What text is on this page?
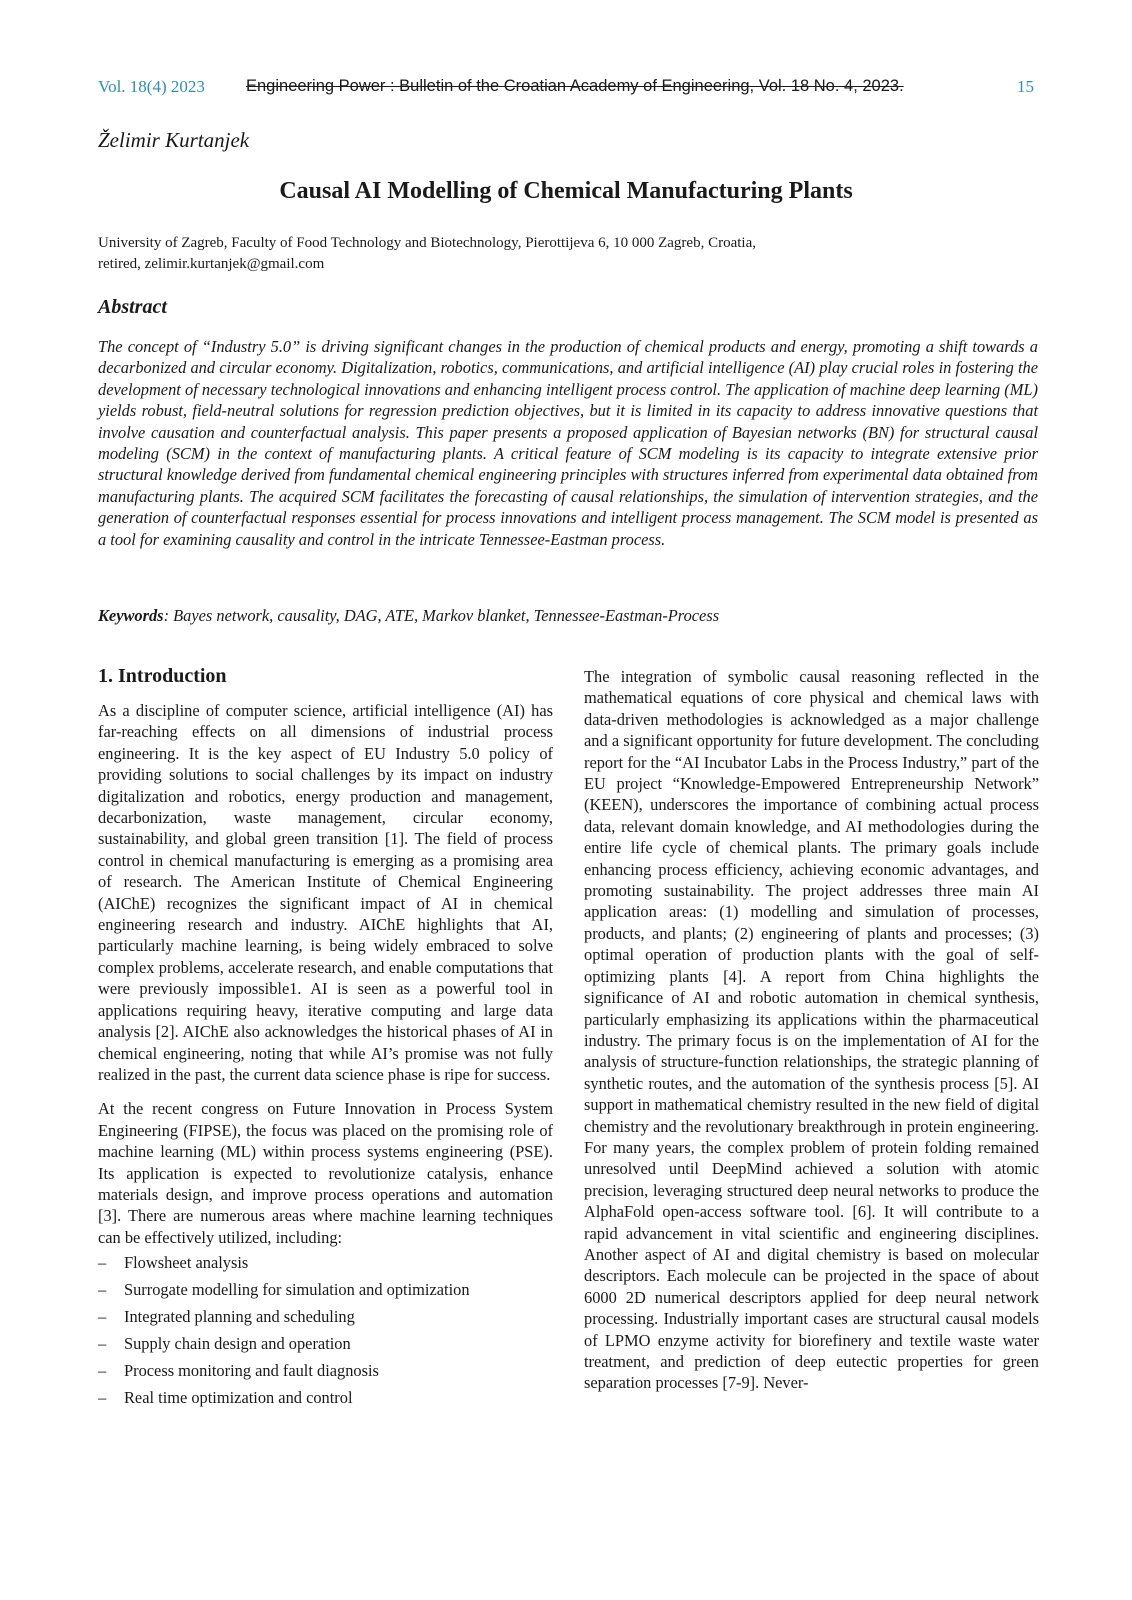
Vol. 18(4) 2023 Engineering Power : Bulletin of the Croatian Academy of Engineering, Vol. 18 No. 4, 2023.	15
Želimir Kurtanjek
Causal AI Modelling of Chemical Manufacturing Plants
University of Zagreb, Faculty of Food Technology and Biotechnology, Pierottijeva 6, 10 000 Zagreb, Croatia,
retired, zelimir.kurtanjek@gmail.com
Abstract

The concept of “Industry 5.0” is driving significant changes in the production of chemical products and energy, promoting a shift towards a decarbonized and circular economy. Digitalization, robotics, communications, and artificial intelligence (AI) play crucial roles in fostering the development of necessary technological innovations and enhancing intelligent process control. The application of machine deep learning (ML) yields robust, field-neutral solutions for regression prediction objectives, but it is limited in its capacity to address innovative questions that involve causation and counterfactual analysis. This paper presents a proposed application of Bayesian networks (BN) for structural causal modeling (SCM) in the context of manufacturing plants. A critical feature of SCM modeling is its capacity to integrate extensive prior structural knowledge derived from fundamental chemical engineering principles with structures inferred from experimental data obtained from manufacturing plants. The acquired SCM facilitates the forecasting of causal relationships, the simulation of intervention strategies, and the generation of counterfactual responses essential for process innovations and intelligent process management. The SCM model is presented as a tool for examining causality and control in the intricate Tennessee-Eastman process.

Keywords: Bayes network, causality, DAG, ATE, Markov blanket, Tennessee-Eastman-Process
1. Introduction

As a discipline of computer science, artificial intelligence (AI) has far-reaching effects on all dimensions of industrial process engineering. It is the key aspect of EU Industry 5.0 policy of providing solutions to social challenges by its impact on industry digitalization and robotics, energy production and management, decarbonization, waste management, circular economy, sustainability, and global green transition [1]. The field of process control in chemical manufacturing is emerging as a promising area of research. The American Institute of Chemical Engineering (AIChE) recognizes the significant impact of AI in chemical engineering research and industry. AIChE highlights that AI, particularly machine learning, is being widely embraced to solve complex problems, accelerate research, and enable computations that were previously impossible1. AI is seen as a powerful tool in applications requiring heavy, iterative computing and large data analysis [2]. AIChE also acknowledges the historical phases of AI in chemical engineering, noting that while AI’s promise was not fully realized in the past, the current data science phase is ripe for success.

At the recent congress on Future Innovation in Process System Engineering (FIPSE), the focus was placed on the promising role of machine learning (ML) within process systems engineering (PSE). Its application is expected to revolutionize catalysis, enhance materials design, and improve process operations and automation [3]. There are numerous areas where machine learning techniques can be effectively utilized, including:

– Flowsheet analysis
– Surrogate modelling for simulation and optimization
– Integrated planning and scheduling
– Supply chain design and operation
– Process monitoring and fault diagnosis
– Real time optimization and control

The integration of symbolic causal reasoning reflected in the mathematical equations of core physical and chemical laws with data-driven methodologies is acknowledged as a major challenge and a significant opportunity for future development. The concluding report for the “AI Incubator Labs in the Process Industry,” part of the EU project “Knowledge-Empowered Entrepreneurship Network” (KEEN), underscores the importance of combining actual process data, relevant domain knowledge, and AI methodologies during the entire life cycle of chemical plants. The primary goals include enhancing process efficiency, achieving economic advantages, and promoting sustainability. The project addresses three main AI application areas: (1) modelling and simulation of processes, products, and plants; (2) engineering of plants and processes; (3) optimal operation of production plants with the goal of self-optimizing plants [4]. A report from China highlights the significance of AI and robotic automation in chemical synthesis, particularly emphasizing its applications within the pharmaceutical industry. The primary focus is on the implementation of AI for the analysis of structure-function relationships, the strategic planning of synthetic routes, and the automation of the synthesis process [5]. AI support in mathematical chemistry resulted in the new field of digital chemistry and the revolutionary breakthrough in protein engineering. For many years, the complex problem of protein folding remained unresolved until DeepMind achieved a solution with atomic precision, leveraging structured deep neural networks to produce the AlphaFold open-access software tool. [6]. It will contribute to a rapid advancement in vital scientific and engineering disciplines. Another aspect of AI and digital chemistry is based on molecular descriptors. Each molecule can be projected in the space of about 6000 2D numerical descriptors applied for deep neural network processing. Industrially important cases are structural causal models of LPMO enzyme activity for biorefinery and textile waste water treatment, and prediction of deep eutectic properties for green separation processes [7-9]. Never-
